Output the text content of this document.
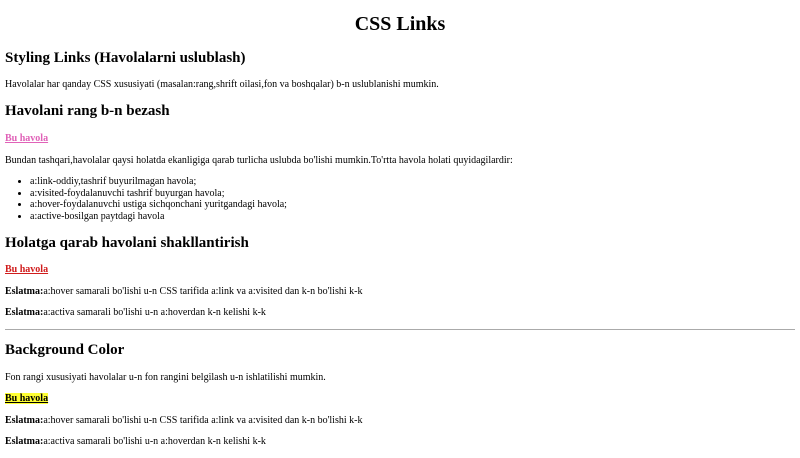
CSS Links
Styling Links (Havolalarni uslublash)

Havolalar har qanday CSS xususiyati (masalan:rang,shrift oilasi,fon va boshqalar) b-n uslublanishi mumkin.

Havolani rang b-n bezash

Bu havola

Bundan tashqari,havolalar qaysi holatda ekanligiga qarab turlicha uslubda bo'lishi mumkin.To'rtta havola holati quyidagilardir:

• a:link-oddiy,tashrif buyurilmagan havola;
• a:visited-foydalanuvchi tashrif buyurgan havola;
• a:hover-foydalanuvchi ustiga sichqonchani yuritgandagi havola;
• a:active-bosilgan paytdagi havola
Holatga qarab havolani shakllantirish

Bu havola

Eslatma:a:hover samarali bo'lishi u-n CSS tarifida a:link va a:visited dan k-n bo'lishi k-k

Eslatma:a:activa samarali bo'lishi u-n a:hoverdan k-n kelishi k-k

Background Color

Fon rangi xususiyati havolalar u-n fon rangini belgilash u-n ishlatilishi mumkin.

Bu havola

Eslatma:a:hover samarali bo'lishi u-n CSS tarifida a:link va a:visited dan k-n bo'lishi k-k

Eslatma:a:activa samarali bo'lishi u-n a:hoverdan k-n kelishi k-k
